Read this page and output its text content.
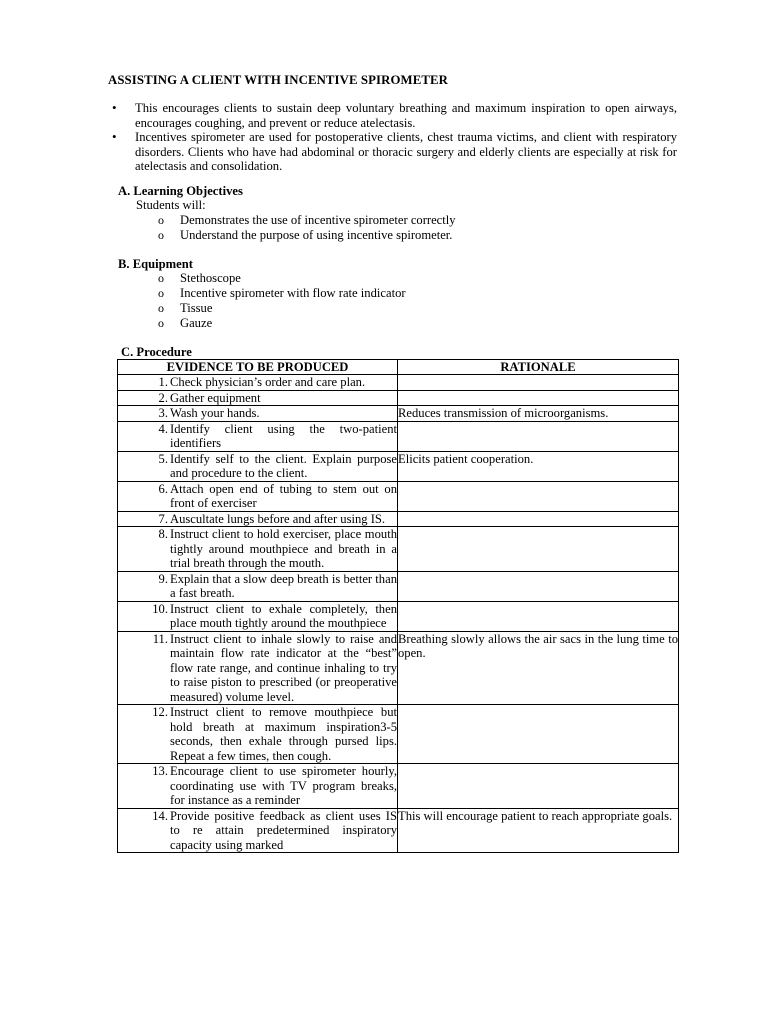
ASSISTING A CLIENT WITH INCENTIVE SPIROMETER
• This encourages clients to sustain deep voluntary breathing and maximum inspiration to open airways, encourages coughing, and prevent or reduce atelectasis.
• Incentives spirometer are used for postoperative clients, chest trauma victims, and client with respiratory disorders. Clients who have had abdominal or thoracic surgery and elderly clients are especially at risk for atelectasis and consolidation.
A. Learning Objectives
Students will:
o Demonstrates the use of incentive spirometer correctly
o Understand the purpose of using incentive spirometer.
B. Equipment
o Stethoscope
o Incentive spirometer with flow rate indicator
o Tissue
o Gauze
C. Procedure
EVIDENCE TO BE PRODUCED	RATIONALE

1. Check physician’s order and care plan.	

2. Gather equipment	

3. Wash your hands.	Reduces transmission of microorganisms.

4. Identify client using the two-patient identifiers	

5. Identify self to the client. Explain purpose and procedure to the client.	Elicits patient cooperation.

6. Attach open end of tubing to stem out on front of exerciser	

7. Auscultate lungs before and after using IS.	

8. Instruct client to hold exerciser, place mouth tightly around mouthpiece and breath in a trial breath through the mouth.	

9. Explain that a slow deep breath is better than a fast breath.	

10. Instruct client to exhale completely, then place mouth tightly around the mouthpiece	

11. Instruct client to inhale slowly to raise and maintain flow rate indicator at the “best” flow rate range, and continue inhaling to try to raise piston to prescribed (or preoperative measured) volume level.	Breathing slowly allows the air sacs in the lung time to open.

12. Instruct client to remove mouthpiece but hold breath at maximum inspiration3-5 seconds, then exhale through pursed lips. Repeat a few times, then cough.	

13. Encourage client to use spirometer hourly, coordinating use with TV program breaks, for instance as a reminder	

14. Provide positive feedback as client uses IS to re attain predetermined inspiratory capacity using marked	This will encourage patient to reach appropriate goals.
